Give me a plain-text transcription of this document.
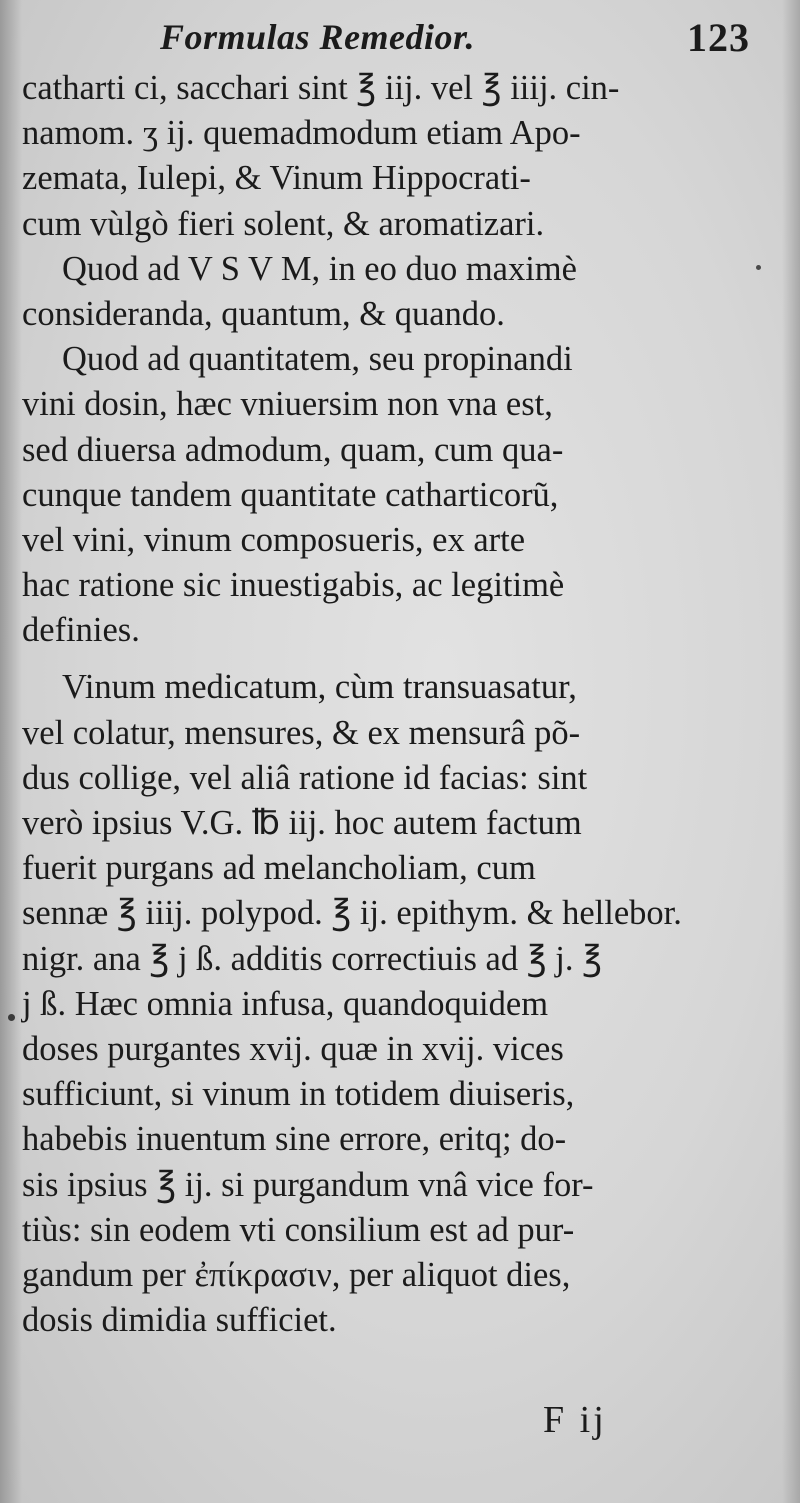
Formulas Remedior.	123
catharti ci, sacchari sint ℥ iij. vel ℥ iiij. cin-
namom. ʒ ij. quemadmodum etiam Apo-
zemata, Iulepi, & Vinum Hippocrati-
cum vùlgò fieri solent, & aromatizari.
Quod ad V S V M, in eo duo maximè
consideranda, quantum, & quando.
Quod ad quantitatem, seu propinandi
vini dosin, hæc vniuersim non vna est,
sed diuersa admodum, quam, cum qua-
cunque tandem quantitate catharticorũ,
vel vini, vinum composueris, ex arte
hac ratione sic inuestigabis, ac legitimè
definies.
Vinum medicatum, cùm transuasatur,
vel colatur, mensures, & ex mensurâ põ-
dus collige, vel aliâ ratione id facias: sint
verò ipsius V.G. ℔ iij. hoc autem factum
fuerit purgans ad melancholiam, cum
sennæ ℥ iiij. polypod. ℥ ij. epithym. & hellebor.
nigr. ana ℥ j ß. additis correctiuis ad ℥ j. ℥
j ß. Hæc omnia infusa, quandoquidem
doses purgantes xvij. quæ in xvij. vices
sufficiunt, si vinum in totidem diuiseris,
habebis inuentum sine errore, eritq; do-
sis ipsius ℥ ij. si purgandum vnâ vice for-
tiùs: sin eodem vti consilium est ad pur-
gandum per ἐπίκρασιν, per aliquot dies,
dosis dimidia sufficiet.
F ij
